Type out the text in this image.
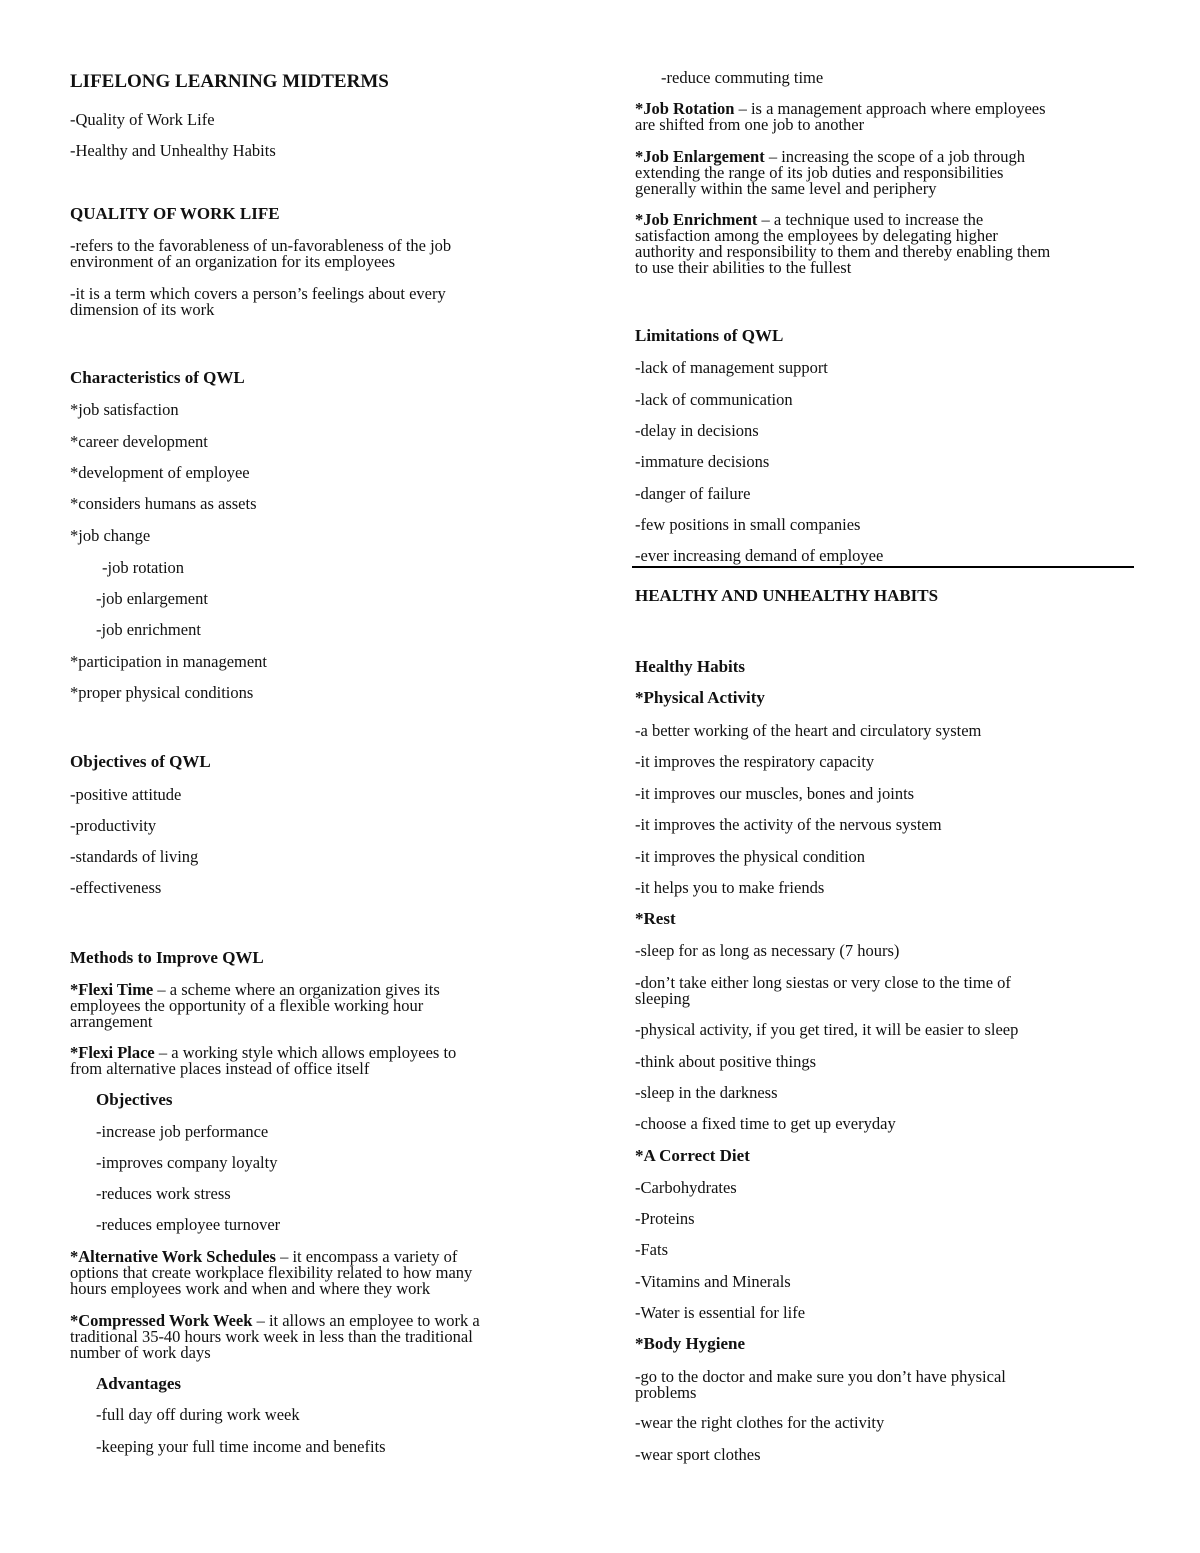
LIFELONG LEARNING MIDTERMS
-Quality of Work Life
-Healthy and Unhealthy Habits
QUALITY OF WORK LIFE
-refers to the favorableness of un-favorableness of the job
environment of an organization for its employees
-it is a term which covers a person’s feelings about every
dimension of its work
Characteristics of QWL
*job satisfaction
*career development
*development of employee
*considers humans as assets
*job change
-job rotation
-job enlargement
-job enrichment
*participation in management
*proper physical conditions
Objectives of QWL
-positive attitude
-productivity
-standards of living
-effectiveness
Methods to Improve QWL
*Flexi Time – a scheme where an organization gives its
employees the opportunity of a flexible working hour
arrangement
*Flexi Place – a working style which allows employees to
from alternative places instead of office itself
Objectives
-increase job performance
-improves company loyalty
-reduces work stress
-reduces employee turnover
*Alternative Work Schedules – it encompass a variety of
options that create workplace flexibility related to how many
hours employees work and when and where they work
*Compressed Work Week – it allows an employee to work a
traditional 35-40 hours work week in less than the traditional
number of work days
Advantages
-full day off during work week
-keeping your full time income and benefits
-reduce commuting time
*Job Rotation – is a management approach where employees
are shifted from one job to another
*Job Enlargement – increasing the scope of a job through
extending the range of its job duties and responsibilities
generally within the same level and periphery
*Job Enrichment – a technique used to increase the
satisfaction among the employees by delegating higher
authority and responsibility to them and thereby enabling them
to use their abilities to the fullest
Limitations of QWL
-lack of management support
-lack of communication
-delay in decisions
-immature decisions
-danger of failure
-few positions in small companies
-ever increasing demand of employee
HEALTHY AND UNHEALTHY HABITS
Healthy Habits
*Physical Activity
-a better working of the heart and circulatory system
-it improves the respiratory capacity
-it improves our muscles, bones and joints
-it improves the activity of the nervous system
-it improves the physical condition
-it helps you to make friends
*Rest
-sleep for as long as necessary (7 hours)
-don’t take either long siestas or very close to the time of
sleeping
-physical activity, if you get tired, it will be easier to sleep
-think about positive things
-sleep in the darkness
-choose a fixed time to get up everyday
*A Correct Diet
-Carbohydrates
-Proteins
-Fats
-Vitamins and Minerals
-Water is essential for life
*Body Hygiene
-go to the doctor and make sure you don’t have physical
problems
-wear the right clothes for the activity
-wear sport clothes
